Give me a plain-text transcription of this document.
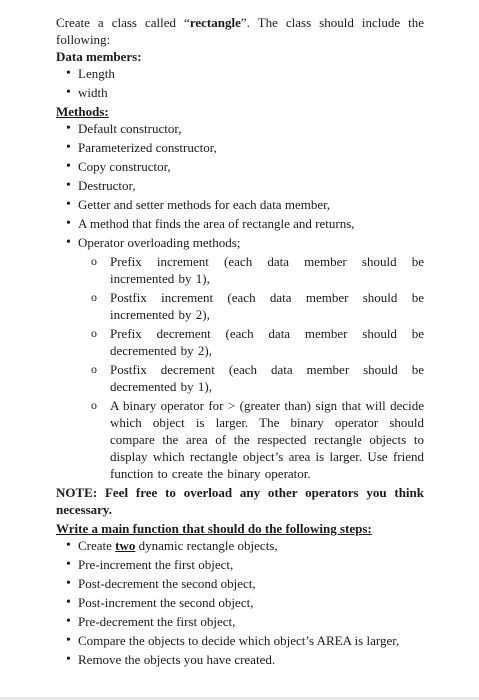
Create a class called “rectangle”. The class should include the following:

Data members:

• Length
• width

Methods:

• Default constructor,
• Parameterized constructor,
• Copy constructor,
• Destructor,
• Getter and setter methods for each data member,
• A method that finds the area of rectangle and returns,
• Operator overloading methods;
o Prefix increment (each data member should be incremented by 1),
o Postfix increment (each data member should be incremented by 2),
o Prefix decrement (each data member should be decremented by 2),
o Postfix decrement (each data member should be decremented by 1),
o A binary operator for > (greater than) sign that will decide which object is larger. The binary operator should compare the area of the respected rectangle objects to display which rectangle object’s area is larger. Use friend function to create the binary operator.

NOTE: Feel free to overload any other operators you think necessary.

Write a main function that should do the following steps:

• Create two dynamic rectangle objects,
• Pre-increment the first object,
• Post-decrement the second object,
• Post-increment the second object,
• Pre-decrement the first object,
• Compare the objects to decide which object’s AREA is larger,
• Remove the objects you have created.
